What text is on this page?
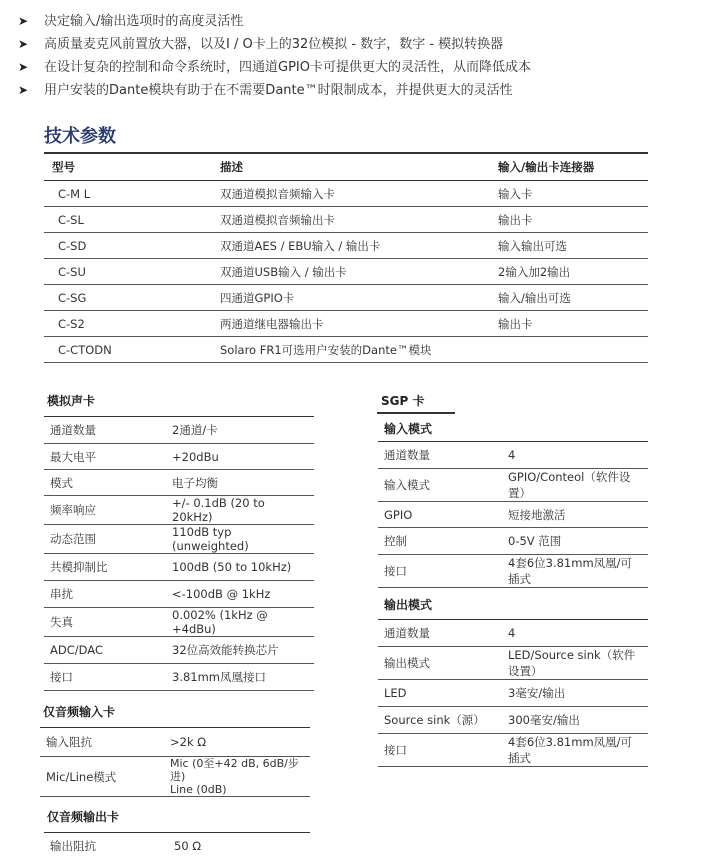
➤	决定输入/输出选项时的高度灵活性
➤	高质量麦克风前置放大器，以及I / O卡上的32位模拟 - 数字，数字 - 模拟转换器
➤	在设计复杂的控制和命令系统时，四通道GPIO卡可提供更大的灵活性，从而降低成本
➤	用户安装的Dante模块有助于在不需要Dante™时限制成本，并提供更大的灵活性
技术参数
型号	描述	输入/输出卡连接器
C-M L	双通道模拟音频输入卡	输入卡
C-SL	双通道模拟音频输出卡	输出卡
C-SD	双通道AES / EBU输入 / 输出卡	输入输出可选
C-SU	双通道USB输入 / 输出卡	2输入加2输出
C-SG	四通道GPIO卡	输入/输出可选
C-S2	两通道继电器输出卡	输出卡
C-CTODN	Solaro FR1可选用户安装的Dante™模块	
模拟声卡
通道数量	2通道/卡
最大电平	+20dBu
模式	电子均衡
频率响应	+/- 0.1dB (20 to 20kHz)
动态范围	110dB typ (unweighted)
共模抑制比	100dB (50 to 10kHz)
串扰	<-100dB @ 1kHz
失真	0.002% (1kHz @ +4dBu)
ADC/DAC	32位高效能转换芯片
接口	3.81mm凤凰接口
仅音频输入卡
输入阻抗	>2k Ω
Mic/Line模式	Mic (0至+42 dB, 6dB/步进)
Line (0dB)
仅音频输出卡
输出阻抗	50 Ω
SGP 卡
输入模式
通道数量	4
输入模式	GPIO/Conteol（软件设置）
GPIO	短接地激活
控制	0-5V 范围
接口	4套6位3.81mm凤凰/可插式
输出模式
通道数量	4
输出模式	LED/Source sink（软件设置）
LED	3毫安/输出
Source sink（源）	300毫安/输出
接口	4套6位3.81mm凤凰/可插式
